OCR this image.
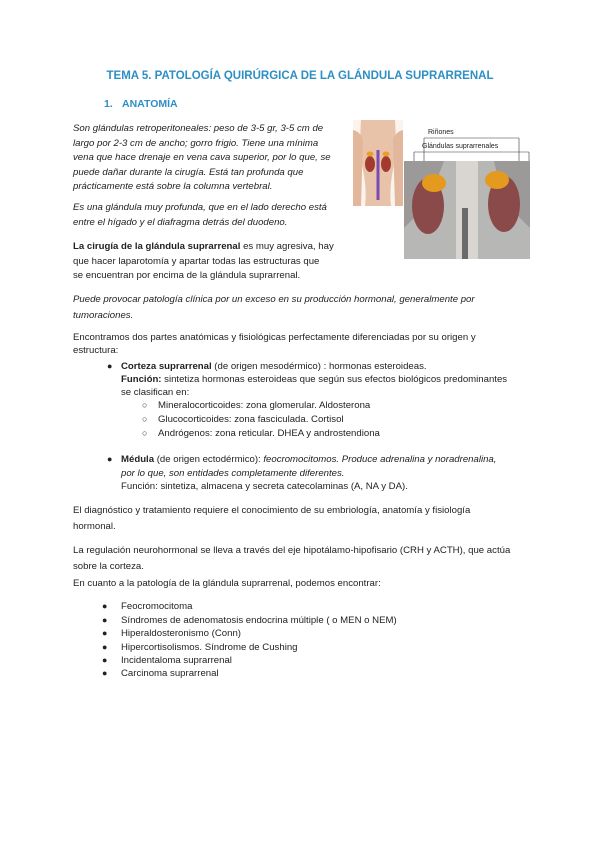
TEMA 5. PATOLOGÍA QUIRÚRGICA DE LA GLÁNDULA SUPRARRENAL
1. ANATOMÍA
Son glándulas retroperitoneales: peso de 3-5 gr, 3-5 cm de
largo por 2-3 cm de ancho; gorro frigio. Tiene una mínima
vena que hace drenaje en vena cava superior, por lo que, se
puede dañar durante la cirugía. Está tan profunda que
prácticamente está sobre la columna vertebral.
Es una glándula muy profunda, que en el lado derecho está
entre el hígado y el diafragma detrás del duodeno.
La cirugía de la glándula suprarrenal es muy agresiva, hay
que hacer laparotomía y apartar todas las estructuras que
se encuentran por encima de la glándula suprarrenal.
Riñones
Glándulas suprarrenales
Puede provocar patología clínica por un exceso en su producción hormonal, generalmente por
tumoraciones.
Encontramos dos partes anatómicas y fisiológicas perfectamente diferenciadas por su origen y
estructura:
● Corteza suprarrenal (de origen mesodérmico) : hormonas esteroideas.
Función: sintetiza hormonas esteroideas que según sus efectos biológicos predominantes
se clasifican en:
○ Mineralocorticoides: zona glomerular. Aldosterona
○ Glucocorticoides: zona fasciculada. Cortisol
○ Andrógenos: zona reticular. DHEA y androstendiona
● Médula (de origen ectodérmico): feocromocitomos. Produce adrenalina y noradrenalina,
por lo que, son entidades completamente diferentes.
Función: sintetiza, almacena y secreta catecolaminas (A, NA y DA).
El diagnóstico y tratamiento requiere el conocimiento de su embriología, anatomía y fisiología
hormonal.
La regulación neurohormonal se lleva a través del eje hipotálamo-hipofisario (CRH y ACTH), que actúa
sobre la corteza.
En cuanto a la patología de la glándula suprarrenal, podemos encontrar:
● Feocromocitoma
● Síndromes de adenomatosis endocrina múltiple ( o MEN o NEM)
● Hiperaldosteronismo (Conn)
● Hipercortisolismos. Síndrome de Cushing
● Incidentaloma suprarrenal
● Carcinoma suprarrenal
